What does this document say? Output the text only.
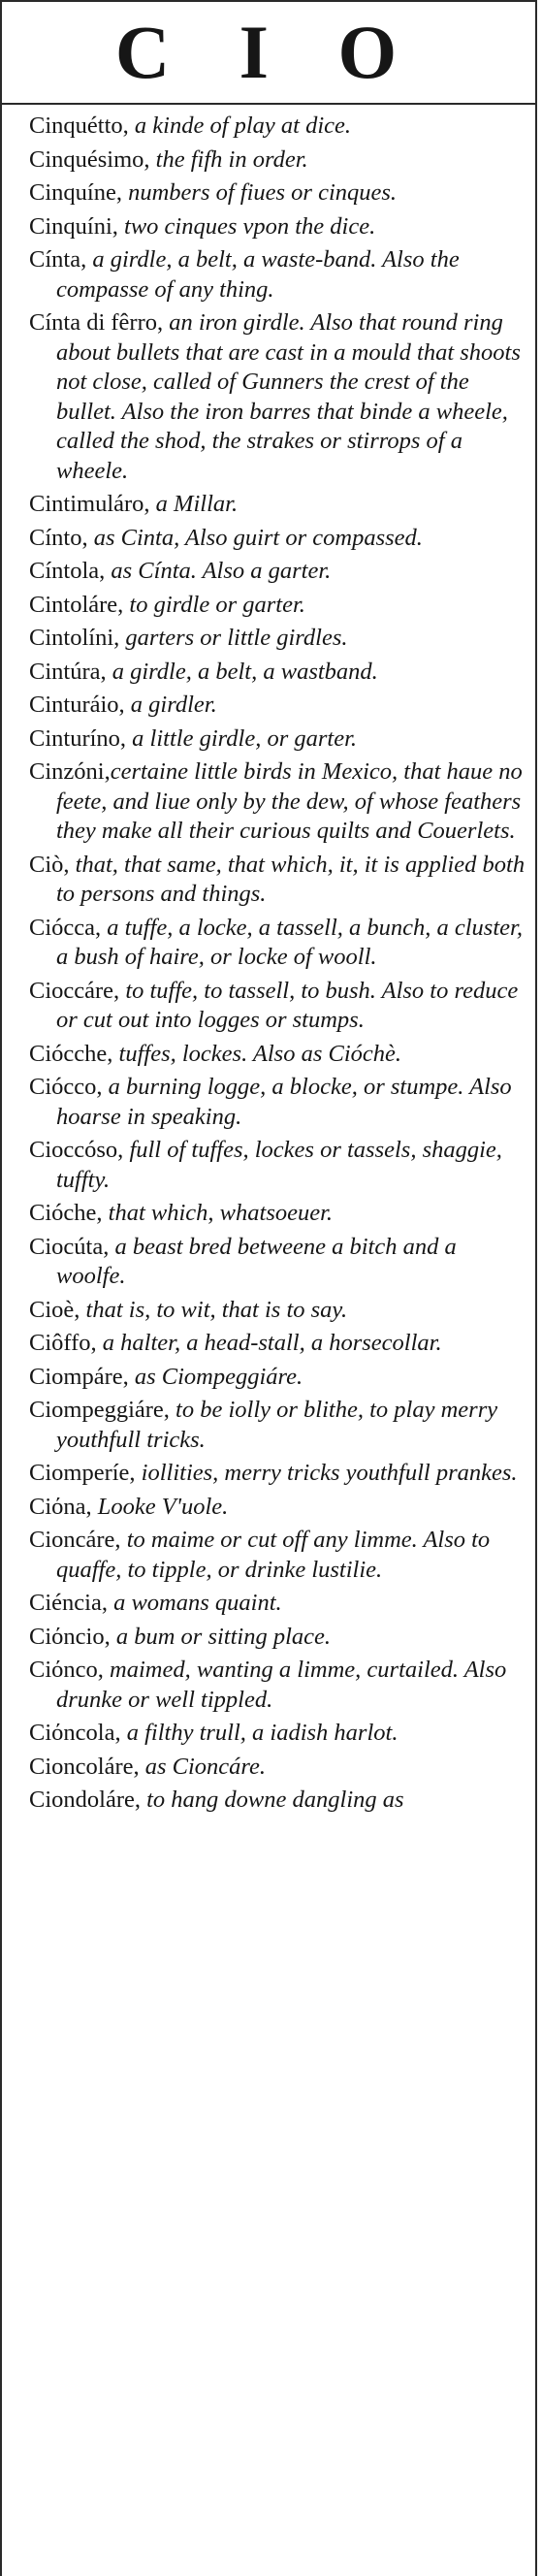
C I O

Cinquétto, a kinde of play at dice.

Cinquésimo, the fifh in order.

Cinquíne, numbers of fiues or cinques.

Cinquíni, two cinques vpon the dice.

Cínta, a girdle, a belt, a waste-band. Also the compasse of any thing.

Cínta di fêrro, an iron girdle. Also that round ring about bullets that are cast in a mould that shoots not close, called of Gunners the crest of the bullet. Also the iron barres that binde a wheele, called the shod, the strakes or stirrops of a wheele.

Cintimuláro, a Millar.

Cínto, as Cinta, Also guirt or compassed.

Cíntola, as Cínta. Also a garter.

Cintoláre, to girdle or garter.

Cintolíni, garters or little girdles.

Cintúra, a girdle, a belt, a wastband.

Cinturáio, a girdler.

Cinturíno, a little girdle, or garter.

Cinzóni,certaine little birds in Mexico, that haue no feete, and liue only by the dew, of whose feathers they make all their curious quilts and Couerlets.

Ciò, that, that same, that which, it, it is applied both to persons and things.

Ciócca, a tuffe, a locke, a tassell, a bunch, a cluster, a bush of haire, or locke of wooll.

Cioccáre, to tuffe, to tassell, to bush. Also to reduce or cut out into logges or stumps.

Ciócche, tuffes, lockes. Also as Cióchè.

Ciócco, a burning logge, a blocke, or stumpe. Also hoarse in speaking.

Cioccóso, full of tuffes, lockes or tassels, shaggie, tuffty.

Cióche, that which, whatsoeuer.

Ciocúta, a beast bred betweene a bitch and a woolfe.

Cioè, that is, to wit, that is to say.

Ciôffo, a halter, a head-stall, a horsecollar.

Ciompáre, as Ciompeggiáre.

Ciompeggiáre, to be iolly or blithe, to play merry youthfull tricks.

Ciomperíe, iollities, merry tricks youthfull prankes.

Ciόna, Looke V'uole.

Cioncáre, to maime or cut off any limme. Also to quaffe, to tipple, or drinke lustilie.

Ciéncia, a womans quaint.

Ciόncio, a bum or sitting place.

Ciόnco, maimed, wanting a limme, curtailed. Also drunke or well tippled.

Ciόncola, a filthy trull, a iadish harlot.

Cioncoláre, as Cioncáre.

Ciondoláre, to hang downe dangling as
